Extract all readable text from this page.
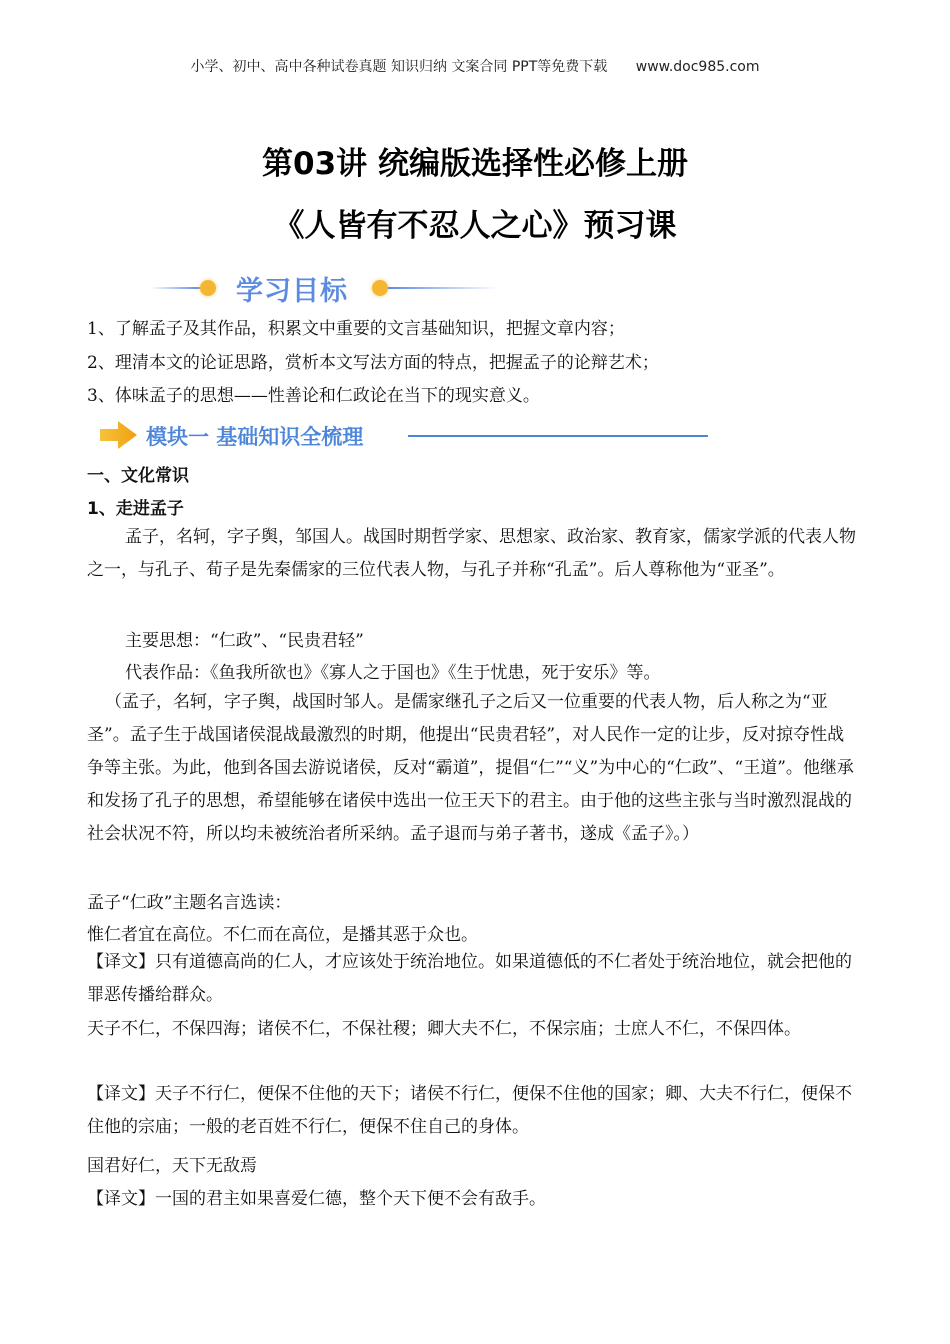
小学、初中、高中各种试卷真题 知识归纳 文案合同 PPT等免费下载 www.doc985.com
第03讲 统编版选择性必修上册
《人皆有不忍人之心》预习课
学习目标
1、了解孟子及其作品，积累文中重要的文言基础知识，把握文章内容；
2、理清本文的论证思路，赏析本文写法方面的特点，把握孟子的论辩艺术；
3、体味孟子的思想——性善论和仁政论在当下的现实意义。
模块一 基础知识全梳理
一、文化常识
1、走进孟子
孟子，名轲，字子舆，邹国人。战国时期哲学家、思想家、政治家、教育家，儒家学派的代表人物之一，与孔子、荀子是先秦儒家的三位代表人物，与孔子并称“孔孟”。后人尊称他为“亚圣”。
主要思想：“仁政”、“民贵君轻”
代表作品：《鱼我所欲也》《寡人之于国也》《生于忧患，死于安乐》等。
（孟子，名轲，字子舆，战国时邹人。是儒家继孔子之后又一位重要的代表人物，后人称之为“亚圣”。孟子生于战国诸侯混战最激烈的时期，他提出“民贵君轻”，对人民作一定的让步，反对掠夺性战争等主张。为此，他到各国去游说诸侯，反对“霸道”，提倡“仁”“义”为中心的“仁政”、“王道”。他继承和发扬了孔子的思想，希望能够在诸侯中选出一位王天下的君主。由于他的这些主张与当时激烈混战的社会状况不符，所以均未被统治者所采纳。孟子退而与弟子著书，遂成《孟子》。）
孟子“仁政”主题名言选读：
惟仁者宜在高位。不仁而在高位，是播其恶于众也。
【译文】只有道德高尚的仁人，才应该处于统治地位。如果道德低的不仁者处于统治地位，就会把他的罪恶传播给群众。
天子不仁，不保四海；诸侯不仁，不保社稷；卿大夫不仁，不保宗庙；士庶人不仁，不保四体。
【译文】天子不行仁，便保不住他的天下；诸侯不行仁，便保不住他的国家；卿、大夫不行仁，便保不住他的宗庙；一般的老百姓不行仁，便保不住自己的身体。
国君好仁，天下无敌焉
【译文】一国的君主如果喜爱仁德，整个天下便不会有敌手。
